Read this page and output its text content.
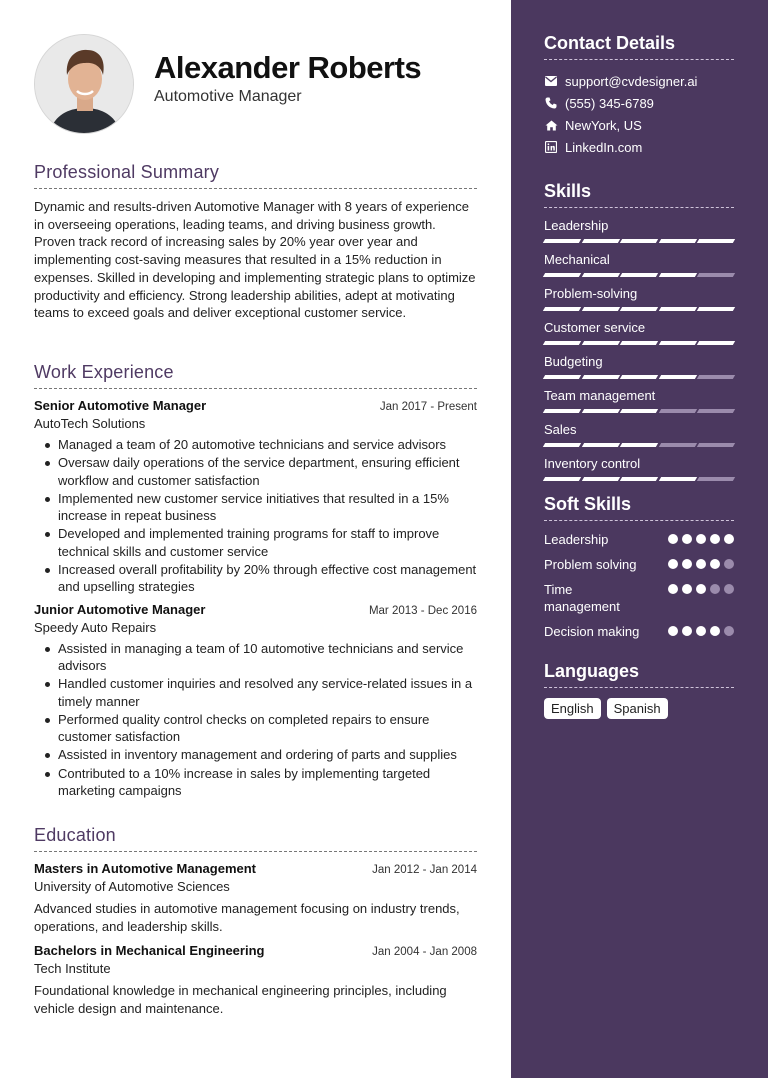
Alexander Roberts
Automotive Manager
Professional Summary
Dynamic and results-driven Automotive Manager with 8 years of experience in overseeing operations, leading teams, and driving business growth. Proven track record of increasing sales by 20% year over year and implementing cost-saving measures that resulted in a 15% reduction in expenses. Skilled in developing and implementing strategic plans to optimize productivity and efficiency. Strong leadership abilities, adept at motivating teams to exceed goals and deliver exceptional customer service.
Work Experience
Senior Automotive Manager	Jan 2017 - Present
AutoTech Solutions
Managed a team of 20 automotive technicians and service advisors
Oversaw daily operations of the service department, ensuring efficient workflow and customer satisfaction
Implemented new customer service initiatives that resulted in a 15% increase in repeat business
Developed and implemented training programs for staff to improve technical skills and customer service
Increased overall profitability by 20% through effective cost management and upselling strategies
Junior Automotive Manager	Mar 2013 - Dec 2016
Speedy Auto Repairs
Assisted in managing a team of 10 automotive technicians and service advisors
Handled customer inquiries and resolved any service-related issues in a timely manner
Performed quality control checks on completed repairs to ensure customer satisfaction
Assisted in inventory management and ordering of parts and supplies
Contributed to a 10% increase in sales by implementing targeted marketing campaigns
Education
Masters in Automotive Management	Jan 2012 - Jan 2014
University of Automotive Sciences
Advanced studies in automotive management focusing on industry trends, operations, and leadership skills.
Bachelors in Mechanical Engineering	Jan 2004 - Jan 2008
Tech Institute
Foundational knowledge in mechanical engineering principles, including vehicle design and maintenance.
Contact Details
support@cvdesigner.ai
(555) 345-6789
NewYork, US
LinkedIn.com
Skills
Leadership
Mechanical
Problem-solving
Customer service
Budgeting
Team management
Sales
Inventory control
Soft Skills
Leadership
Problem solving
Time management
Decision making
Languages
English	Spanish
